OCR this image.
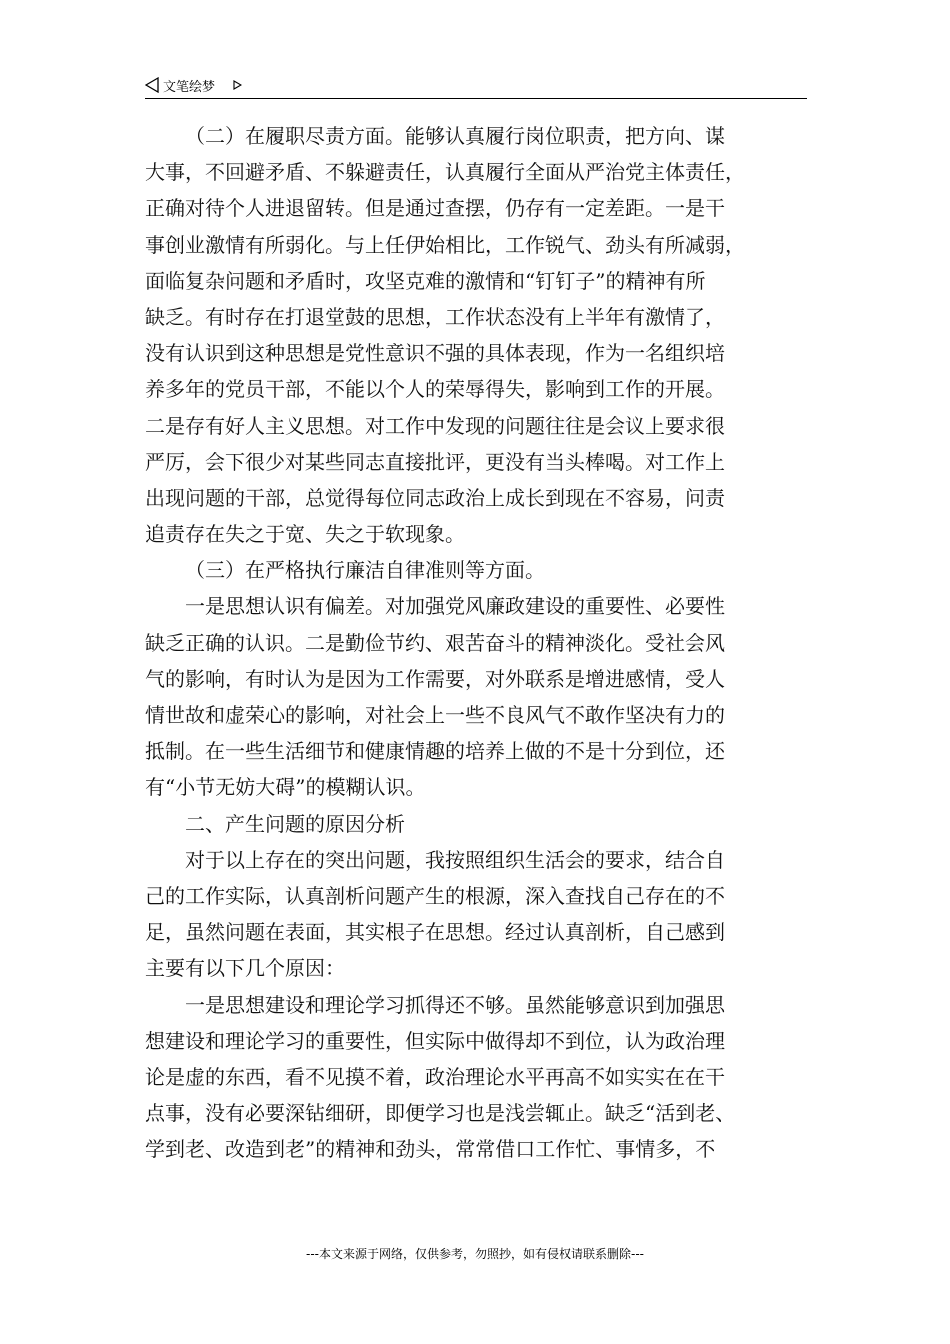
文笔绘梦
（二）在履职尽责方面。能够认真履行岗位职责，把方向、谋
大事，不回避矛盾、不躲避责任，认真履行全面从严治党主体责任，
正确对待个人进退留转。但是通过查摆，仍存有一定差距。一是干
事创业激情有所弱化。与上任伊始相比，工作锐气、劲头有所减弱，
面临复杂问题和矛盾时，攻坚克难的激情和“钉钉子”的精神有所
缺乏。有时存在打退堂鼓的思想，工作状态没有上半年有激情了，
没有认识到这种思想是党性意识不强的具体表现，作为一名组织培
养多年的党员干部，不能以个人的荣辱得失，影响到工作的开展。
二是存有好人主义思想。对工作中发现的问题往往是会议上要求很
严厉，会下很少对某些同志直接批评，更没有当头棒喝。对工作上
出现问题的干部，总觉得每位同志政治上成长到现在不容易，问责
追责存在失之于宽、失之于软现象。
（三）在严格执行廉洁自律准则等方面。
一是思想认识有偏差。对加强党风廉政建设的重要性、必要性
缺乏正确的认识。二是勤俭节约、艰苦奋斗的精神淡化。受社会风
气的影响，有时认为是因为工作需要，对外联系是增进感情，受人
情世故和虚荣心的影响，对社会上一些不良风气不敢作坚决有力的
抵制。在一些生活细节和健康情趣的培养上做的不是十分到位，还
有“小节无妨大碍”的模糊认识。
二、产生问题的原因分析
对于以上存在的突出问题，我按照组织生活会的要求，结合自
己的工作实际，认真剖析问题产生的根源，深入查找自己存在的不
足，虽然问题在表面，其实根子在思想。经过认真剖析，自己感到
主要有以下几个原因：
一是思想建设和理论学习抓得还不够。虽然能够意识到加强思
想建设和理论学习的重要性，但实际中做得却不到位，认为政治理
论是虚的东西，看不见摸不着，政治理论水平再高不如实实在在干
点事，没有必要深钻细研，即便学习也是浅尝辄止。缺乏“活到老、
学到老、改造到老”的精神和劲头，常常借口工作忙、事情多，不
---本文来源于网络，仅供参考，勿照抄，如有侵权请联系删除---
